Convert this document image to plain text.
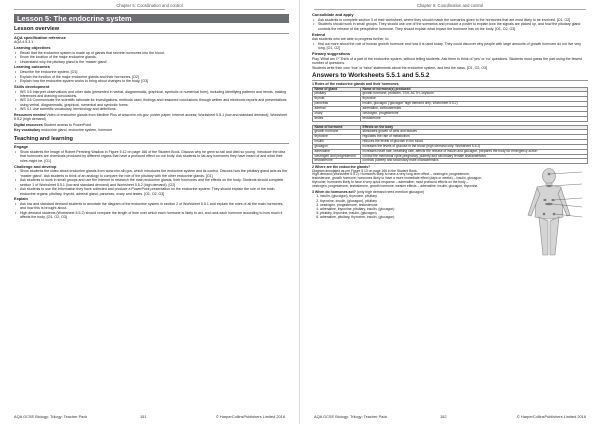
Chapter 5: Coordination and control
Lesson 5: The endocrine system
Lesson overview
AQA specification reference
AQA 4.5.3.1
Learning objectives
• Recall that the endocrine system is made up of glands that secrete hormones into the blood.
• Know the location of the major endocrine glands.
• Understand why the pituitary gland is the ‘master gland’.
Learning outcomes
• Describe the endocrine system. [O1]
• Explain the function of the major endocrine glands and their hormones. [O2]
• Explain how the endocrine system works to bring about changes to the body. [O3]
Skills development
• WS 3.5 Interpret observations and other data (presented in verbal, diagrammatic, graphical, symbolic or numerical form), including identifying patterns and trends, making inferences and drawing conclusions.
• WS 3.6 Communicate the scientific rationale for investigations, methods used, findings and reasoned conclusions through written and electronic reports and presentations using verbal, diagrammatic, graphical, numerical and symbolic forms.
• WS 4.1 Use scientific vocabulary, terminology and definitions.
Resources needed Video of endocrine glands from Medline Plus at www.nlm.nih.gov; poster paper; Internet access; Worksheet 5.5.1 (low and standard demand); Worksheet 5.5.2 (high demand)
Digital resources Student access to PowerPoint
Key vocabulary endocrine gland, endocrine system, hormone
Teaching and learning
Engage
• Show students the image of Robert Pershing Wadlow in Figure 5.12 on page 166 of the Student Book. Discuss why he grew so tall and died so young. Introduce the idea that hormones are chemicals produced by different organs that have a profound effect on our body. Ask students to list any hormones they have heard of and what their roles might be. [O1]
Challenge and develop
• Show students the video about endocrine glands from www.nlm.nih.gov, which introduces the endocrine system and its control. Discuss how the pituitary gland acts as the ‘master gland’. Ask students to think of an analogy to compare the role of the pituitary with the other endocrine glands. [O1]
• Ask students to work in small groups and use the Internet to research the main endocrine glands, their hormones and the effects on the body. Students should complete section 1 of Worksheet 5.5.1 (low and standard demand) and Worksheet 5.5.2 (high demand). [O2]
• Ask students to use the information they have collected and produce a PowerPoint presentation on the endocrine system. They should explain the role of the main endocrine organs: pituitary, thyroid, adrenal gland, pancreas, ovary and testes. [O1, O2, O3]
Explain
• Ask low and standard demand students to annotate the diagram of the endocrine system in section 2 of Worksheet 5.5.1 and explain the roles of all the main hormones, and how this is brought about.
• High demand students (Worksheet 5.5.2) should compare the length of time over which each hormone is likely to act, and rank each hormone according to how much it affects the body. [O1, O2, O3]
AQA GCSE Biology: Trilogy: Teacher Pack	151	© HarperCollinsPublishers Limited 2016
Chapter 5: Coordination and control
Consolidate and apply
• Ask students to complete section 3 of their worksheet, where they should match the scenarios given to the hormones that are most likely to be involved. [O1, O2]
• Students should work in small groups. They should use one of the scenarios and produce a poster to explain how the signals are picked up, and how the pituitary gland controls the release of the perspective hormone. They should explain what impact the hormone has on the body. [O1, O2, O3]
Extend
Ask students who are able to progress further, to:
• find out more about the role of human growth hormone and how it is used today. They could discover why people with large amounts of growth hormone do not live very long. [O1, O2]
Plenary suggestions
Play ‘What am I?’ Think of a part of the endocrine system, without telling students. Ask them to think of ‘yes’ or ‘no’ questions. Students must guess the part using the fewest number of questions.
Students write their own ‘true’ or ‘false’ statements about the endocrine system, and test the class. [O1, O2, O3]
Answers to Worksheets 5.5.1 and 5.5.2
1 Roles of the endocrine glands and their hormones
Name of gland	Name of hormone(s) produced
pituitary	growth hormone, prolactin, TSH, ACTH, oxytocin
thyroid	thyroxine
pancreas	insulin, glucagon (‘glucagon’ high demand only; Worksheet 5.5.2)
adrenal	adrenaline, corticosteroids
ovary	oestrogen, progesterone
testes	testosterone
Name of hormone	Effects on the body
growth hormone	stimulates growth of cells and tissues
thyroxine	regulates the rate of metabolism
insulin	reduces the levels of glucose in the blood
glucagon	increases the levels of glucose in the blood (high demand only: Worksheet 5.5.2)
adrenaline	increases heart rate, breathing rate, affects the release of insulin and glucagon, prepares the body for emergency action
oestrogen and progesterone	control the menstrual cycle,pregnancy, puberty and secondary female characteristics
testosterone	controls puberty and secondary male characteristics
2 Where are the endocrine glands?
Diagram annotated as per Figure 5.13 on page 166 in the Student Book.
High demand (Worksheet 5.5.2): Hormones likely to have a very long-term effect – oestrogen, progesterone, testosterone, growth hormone; hormones likely to have a more immediate effect (days or weeks) – insulin, glucagon, thyroxine; hormones likely to have a very quick response – adrenaline; most profound effects on the body – oestrogen, progesterone, testosterone, growth hormone; weaker effects – adrenaline, insulin, glucagon, thyroxine.
3 When do hormones act? (only high demand need mention glucagon)
1. insulin, (glucagon), thyroxine, pituitary
2. thyroxine, insulin, (glucagon), pituitary
3. oestrogen, progesterone, testosterone
4. adrenaline, thyroxine, pituitary, insulin, (glucagon)
5. pituitary, thyroxine, insulin, (glucagon)
6. adrenaline, pituitary, thyroxine, insulin, (glucagon)
AQA GCSE Biology: Trilogy: Teacher Pack	152	© HarperCollinsPublishers Limited 2016
